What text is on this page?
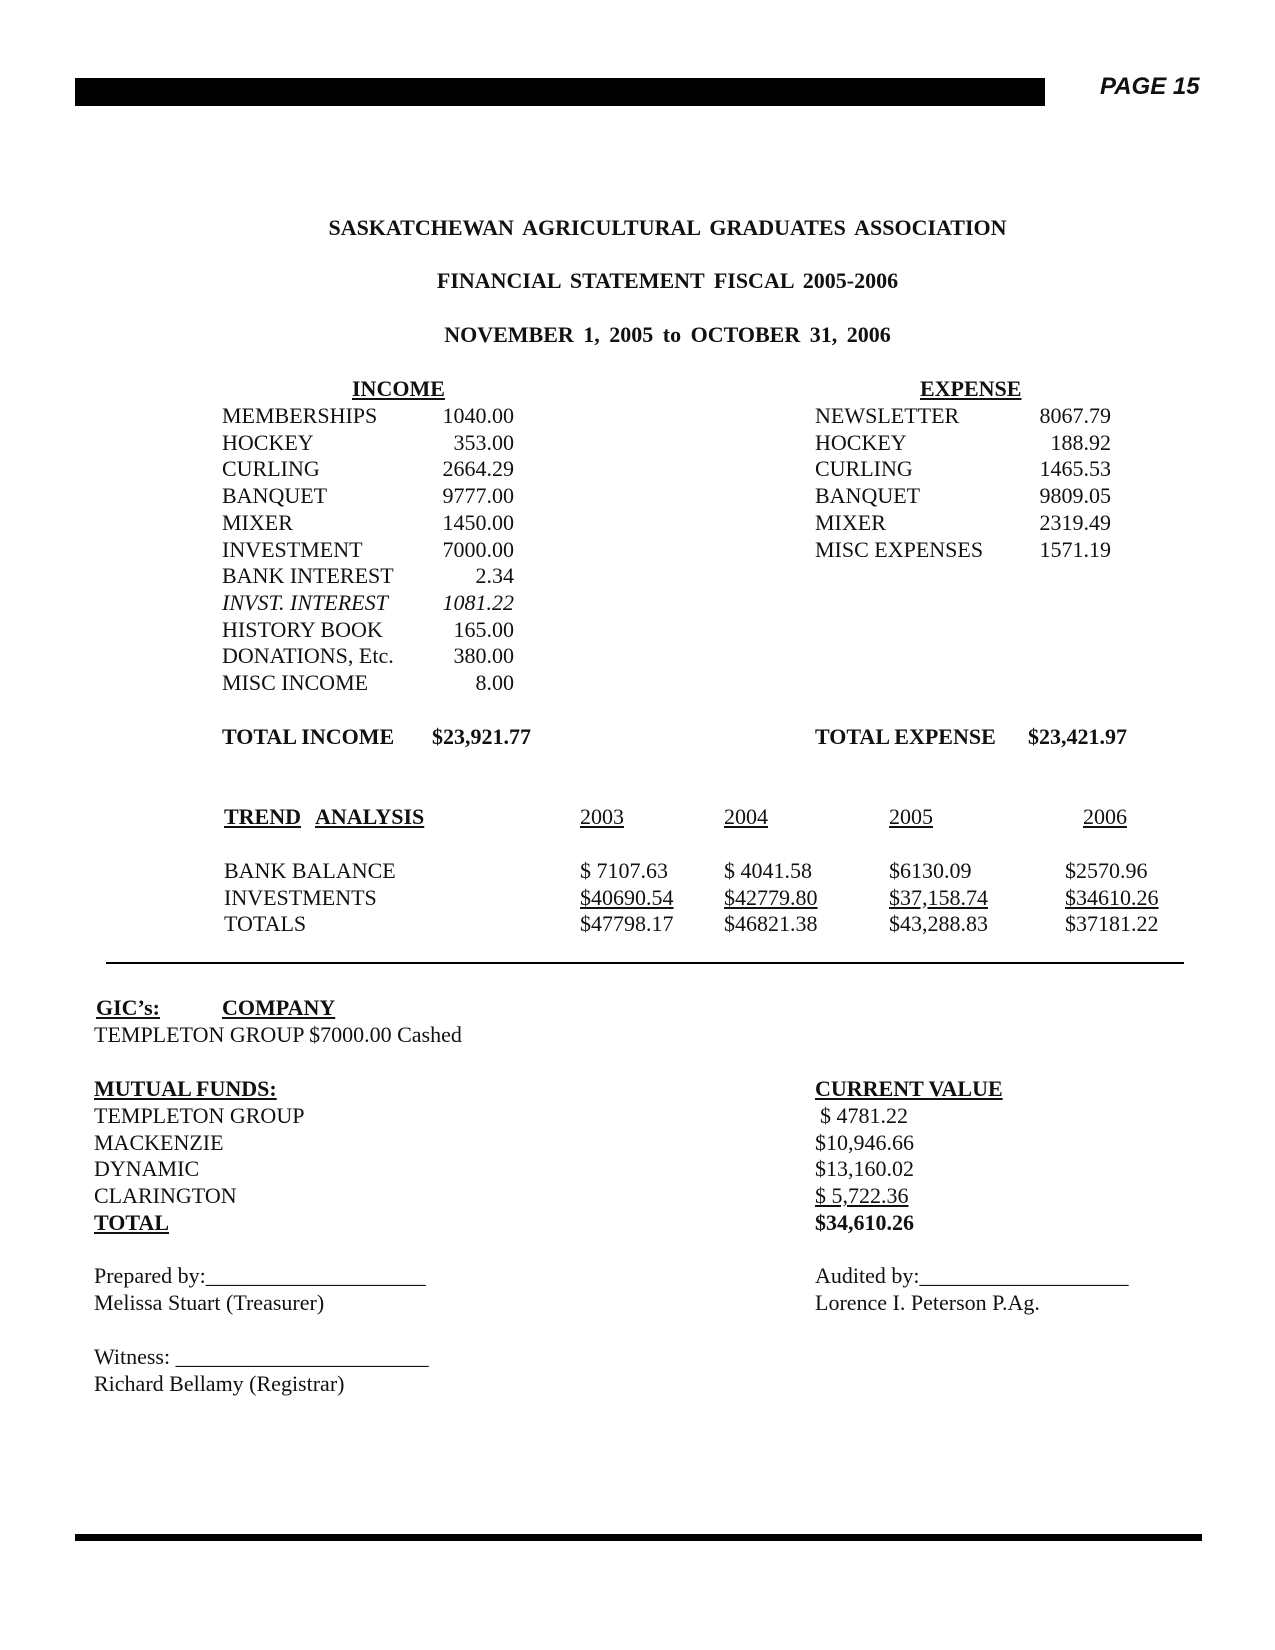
PAGE 15
SASKATCHEWAN AGRICULTURAL GRADUATES ASSOCIATION
FINANCIAL STATEMENT FISCAL 2005-2006
NOVEMBER 1, 2005 to OCTOBER 31, 2006
INCOME
MEMBERSHIPS	1040.00
HOCKEY	353.00
CURLING	2664.29
BANQUET	9777.00
MIXER	1450.00
INVESTMENT	7000.00
BANK INTEREST	2.34
INVST. INTEREST	1081.22
HISTORY BOOK	165.00
DONATIONS, Etc.	380.00
MISC INCOME	8.00
TOTAL INCOME $23,921.77
EXPENSE
NEWSLETTER	8067.79
HOCKEY	188.92
CURLING	1465.53
BANQUET	9809.05
MIXER	2319.49
MISC EXPENSES	1571.19
TOTAL EXPENSE $23,421.97
TREND ANALYSIS	2003	2004	2005	2006
BANK BALANCE	$ 7107.63	$ 4041.58	$6130.09	$2570.96
INVESTMENTS	$40690.54	$42779.80	$37,158.74	$34610.26
TOTALS	$47798.17	$46821.38	$43,288.83	$37181.22
GIC’s:	COMPANY
TEMPLETON GROUP $7000.00 Cashed
MUTUAL FUNDS:	CURRENT VALUE
TEMPLETON GROUP	$ 4781.22
MACKENZIE	$10,946.66
DYNAMIC	$13,160.02
CLARINGTON	$ 5,722.36
TOTAL	$34,610.26
Prepared by:____________________
Melissa Stuart (Treasurer)
Audited by:___________________
Lorence I. Peterson P.Ag.
Witness: _______________________
Richard Bellamy (Registrar)
